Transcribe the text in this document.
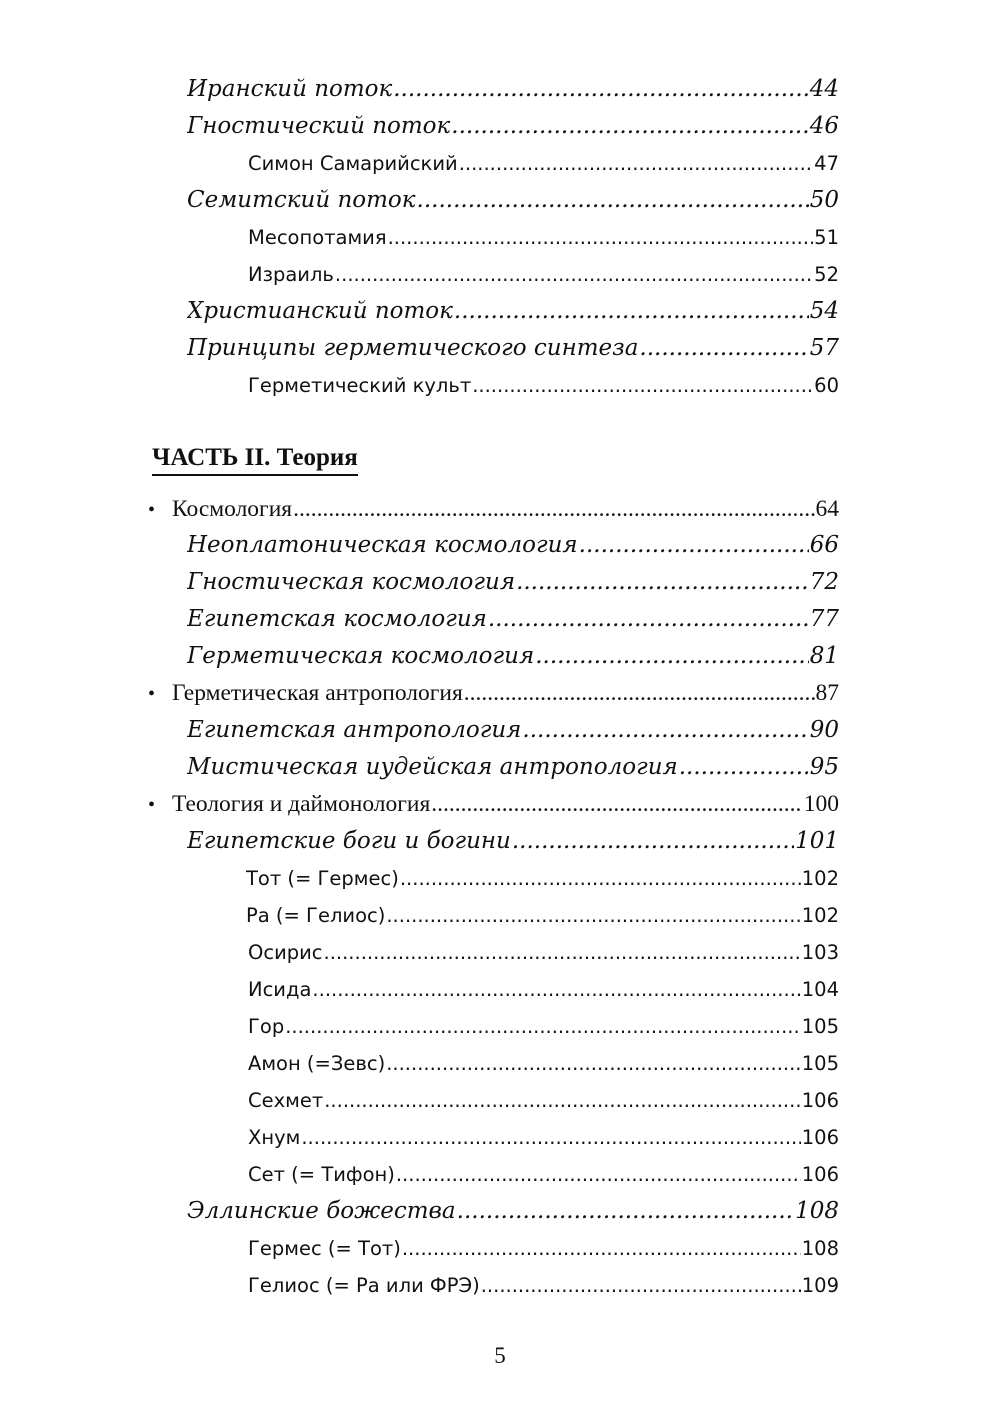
Иранский поток .....	44
Гностический поток .....	46
Симон Самарийский .....	47
Семитский поток .....	50
Месопотамия .....	51
Израиль .....	52
Христианский поток .....	54
Принципы герметического синтеза .....	57
Герметический культ .....	60
ЧАСТЬ II. Теория
• Космология .....	64
Неоплатоническая космология .....	66
Гностическая космология .....	72
Египетская космология .....	77
Герметическая космология .....	81
• Герметическая антропология .....	87
Египетская антропология .....	90
Мистическая иудейская антропология .....	95
• Теология и даймонология .....	100
Египетские боги и богини .....	101
Тот (= Гермес) .....	102
Ра (= Гелиос) .....	102
Осирис .....	103
Исида .....	104
Гор .....	105
Амон (=Зевс) .....	105
Сехмет .....	106
Хнум .....	106
Сет (= Тифон) .....	106
Эллинские божества .....	108
Гермес (= Тот) .....	108
Гелиос (= Ра или ФРЭ) .....	109
5
